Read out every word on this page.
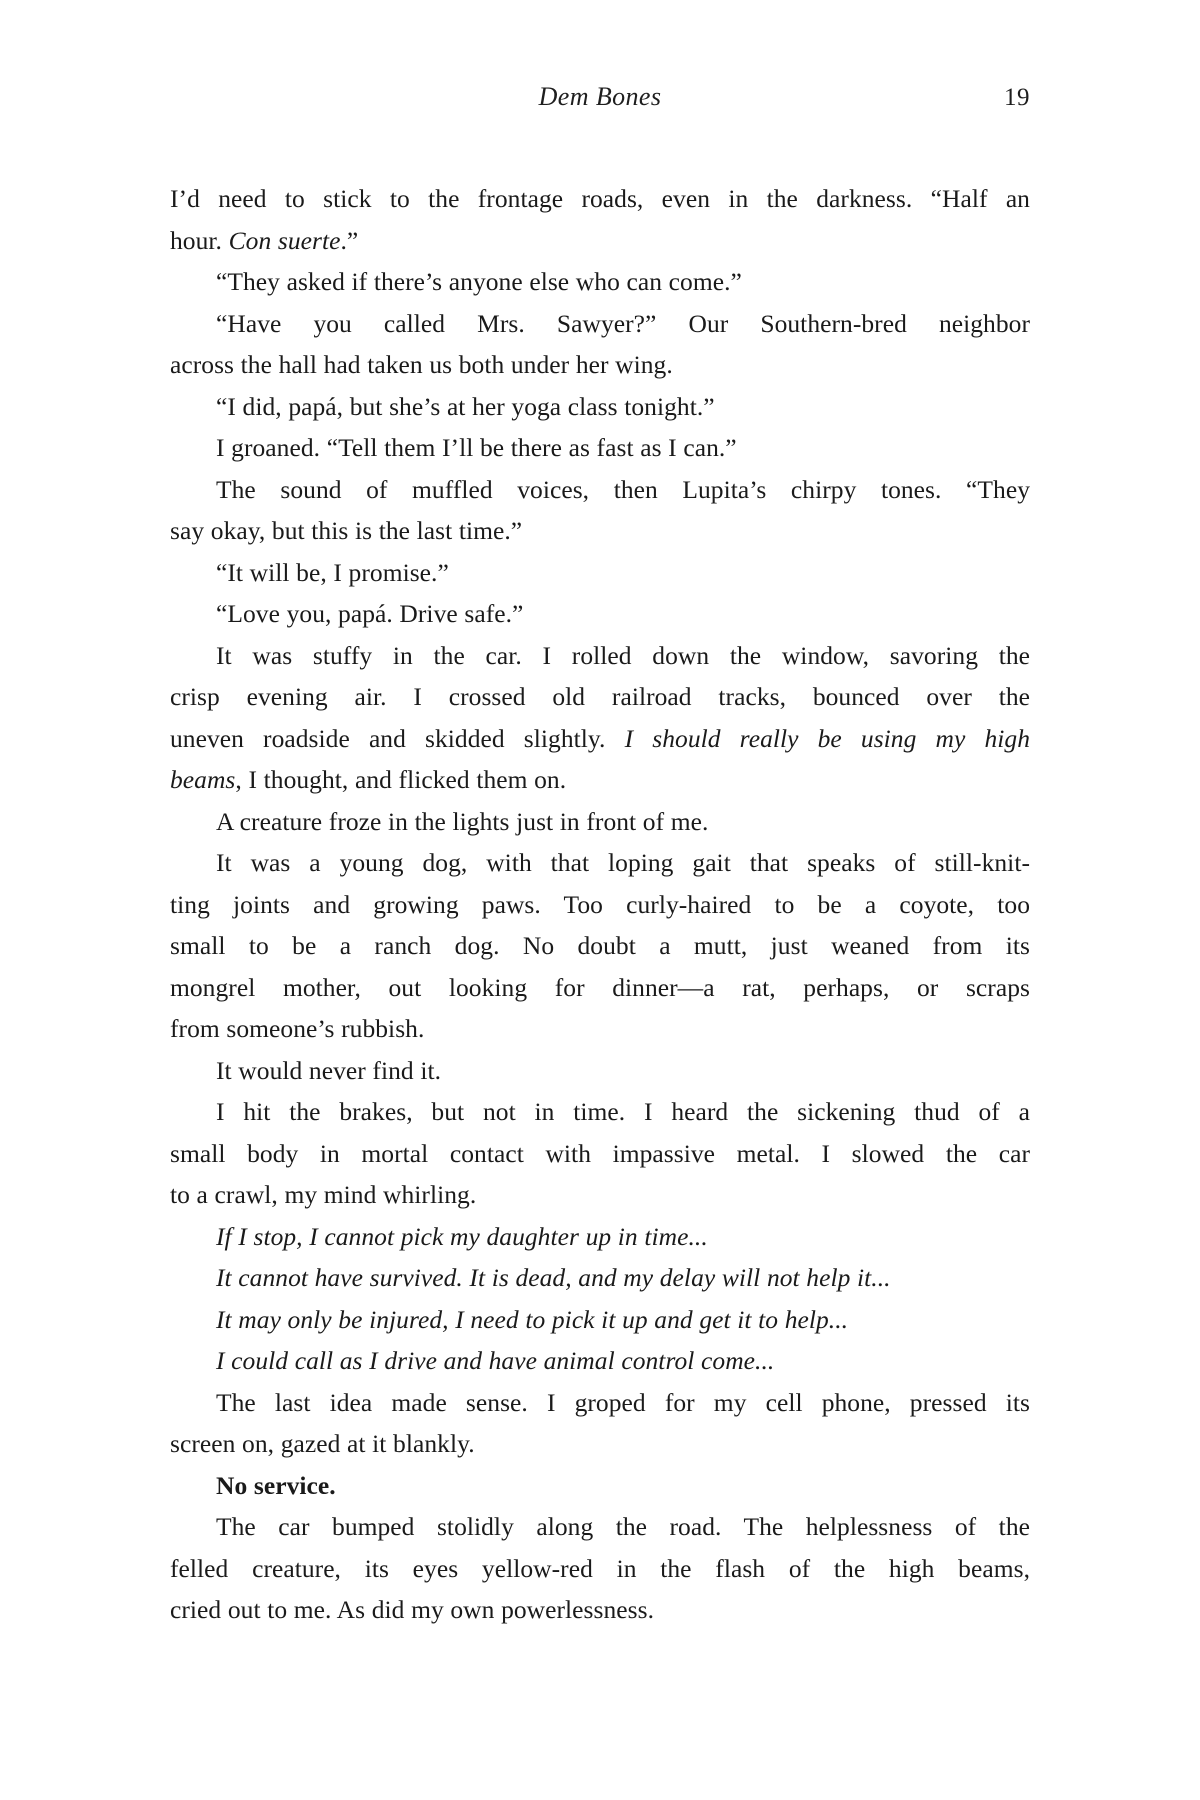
Dem Bones	19

I’d need to stick to the frontage roads, even in the darkness. “Half an
hour. Con suerte.”

“They asked if there’s anyone else who can come.”

“Have you called Mrs. Sawyer?” Our Southern-bred neighbor
across the hall had taken us both under her wing.

“I did, papá, but she’s at her yoga class tonight.”

I groaned. “Tell them I’ll be there as fast as I can.”

The sound of muffled voices, then Lupita’s chirpy tones. “They
say okay, but this is the last time.”

“It will be, I promise.”

“Love you, papá. Drive safe.”

It was stuffy in the car. I rolled down the window, savoring the
crisp evening air. I crossed old railroad tracks, bounced over the
uneven roadside and skidded slightly. I should really be using my high
beams, I thought, and flicked them on.

A creature froze in the lights just in front of me.

It was a young dog, with that loping gait that speaks of still-knit-
ting joints and growing paws. Too curly-haired to be a coyote, too
small to be a ranch dog. No doubt a mutt, just weaned from its
mongrel mother, out looking for dinner—a rat, perhaps, or scraps
from someone’s rubbish.

It would never find it.

I hit the brakes, but not in time. I heard the sickening thud of a
small body in mortal contact with impassive metal. I slowed the car
to a crawl, my mind whirling.

If I stop, I cannot pick my daughter up in time...

It cannot have survived. It is dead, and my delay will not help it...

It may only be injured, I need to pick it up and get it to help...

I could call as I drive and have animal control come...

The last idea made sense. I groped for my cell phone, pressed its
screen on, gazed at it blankly.

No service.

The car bumped stolidly along the road. The helplessness of the
felled creature, its eyes yellow-red in the flash of the high beams,
cried out to me. As did my own powerlessness.
